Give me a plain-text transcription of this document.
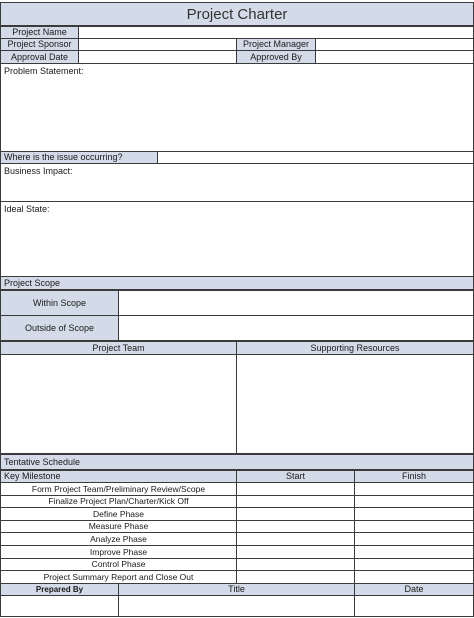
Project Charter
Project Name
Project Sponsor	Project Manager
Approval Date	Approved By
Problem Statement:
Where is the issue occurring?
Business Impact:
Ideal State:
Project Scope
Within Scope
Outside of Scope
Project Team	Supporting Resources
Tentative Schedule
Key Milestone	Start	Finish
Form Project Team/Preliminary Review/Scope
Finalize Project Plan/Charter/Kick Off
Define Phase
Measure Phase
Analyze Phase
Improve Phase
Control Phase
Project Summary Report and Close Out
Prepared By	Title	Date
